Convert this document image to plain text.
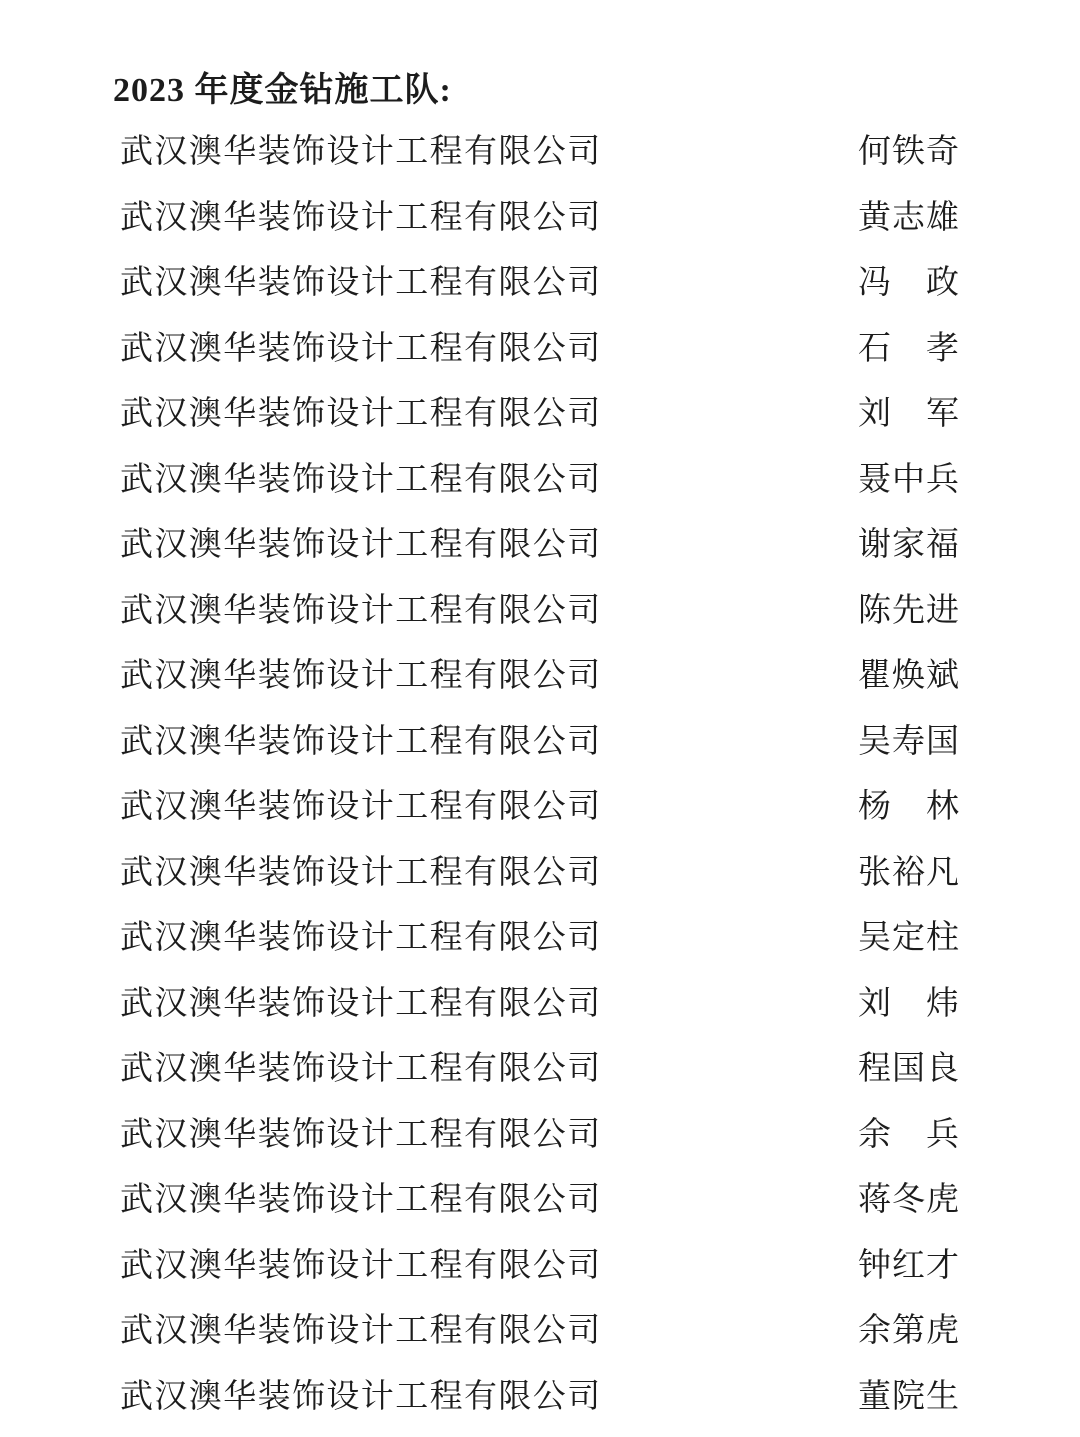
2023 年度金钻施工队:
武汉澳华装饰设计工程有限公司	何铁奇
武汉澳华装饰设计工程有限公司	黄志雄
武汉澳华装饰设计工程有限公司	冯　政
武汉澳华装饰设计工程有限公司	石　孝
武汉澳华装饰设计工程有限公司	刘　军
武汉澳华装饰设计工程有限公司	聂中兵
武汉澳华装饰设计工程有限公司	谢家福
武汉澳华装饰设计工程有限公司	陈先进
武汉澳华装饰设计工程有限公司	瞿焕斌
武汉澳华装饰设计工程有限公司	吴寿国
武汉澳华装饰设计工程有限公司	杨　林
武汉澳华装饰设计工程有限公司	张裕凡
武汉澳华装饰设计工程有限公司	吴定柱
武汉澳华装饰设计工程有限公司	刘　炜
武汉澳华装饰设计工程有限公司	程国良
武汉澳华装饰设计工程有限公司	余　兵
武汉澳华装饰设计工程有限公司	蒋冬虎
武汉澳华装饰设计工程有限公司	钟红才
武汉澳华装饰设计工程有限公司	余第虎
武汉澳华装饰设计工程有限公司	董院生
